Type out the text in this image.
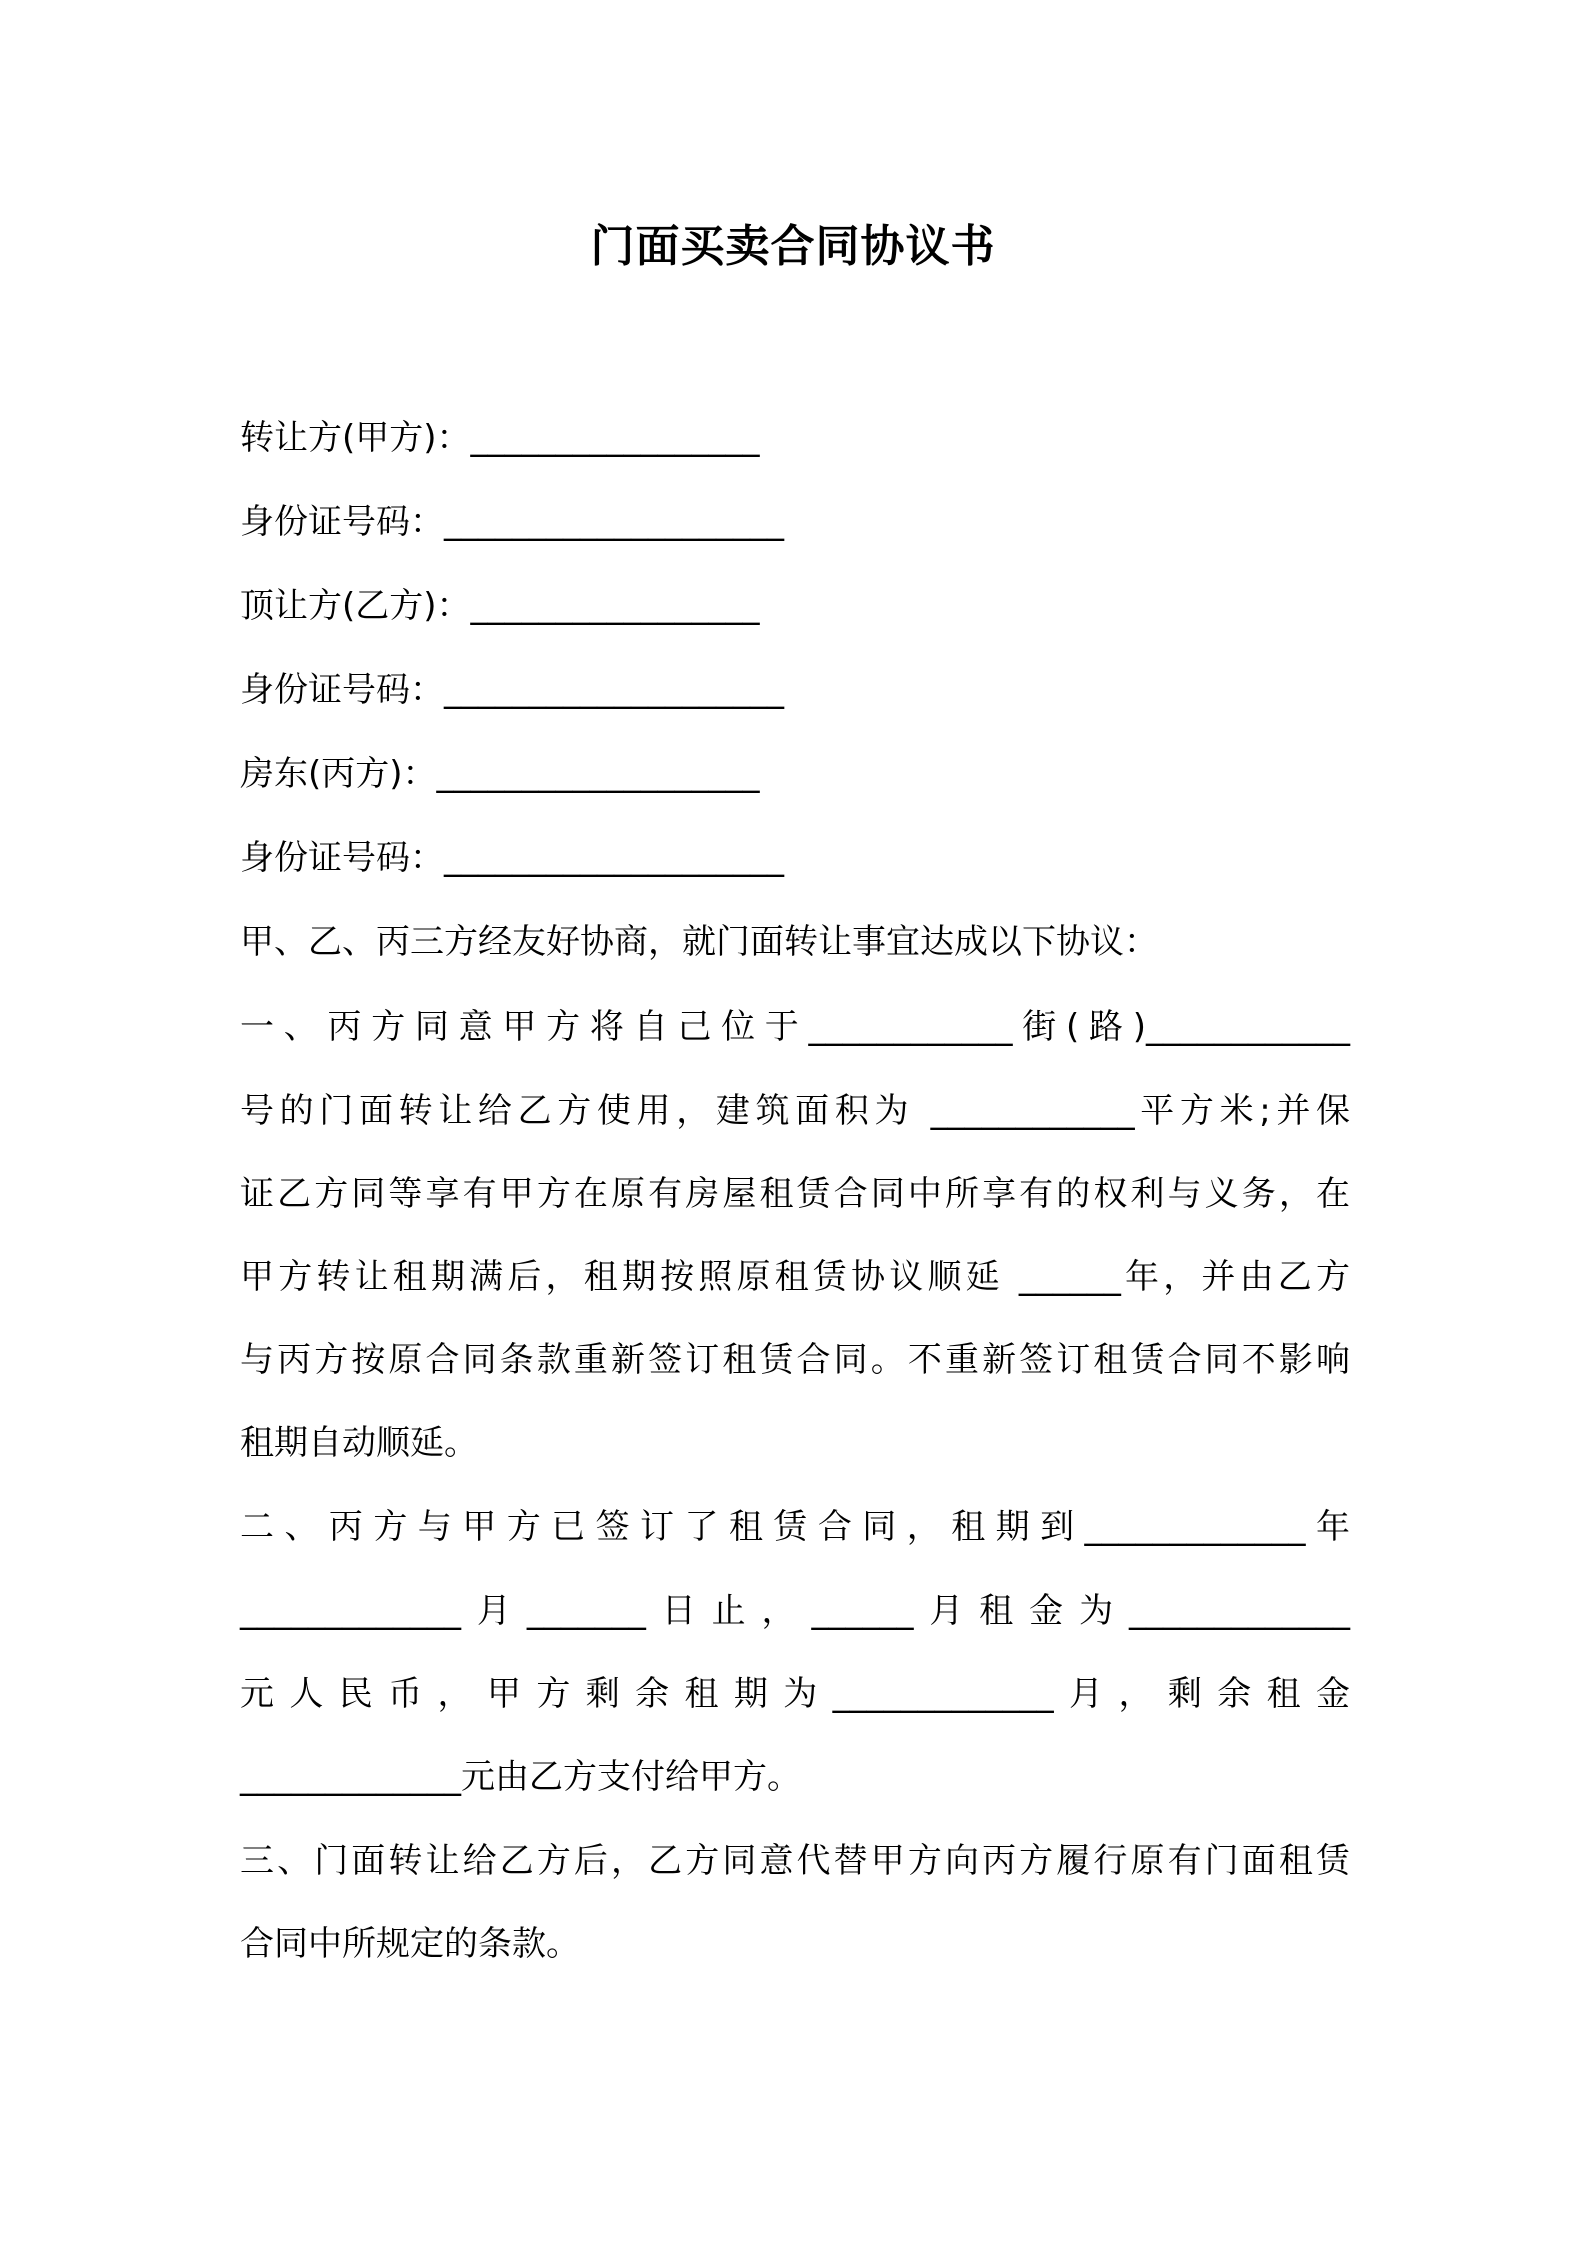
门面买卖合同协议书
转让方(甲方)：_________________
身份证号码：____________________
顶让方(乙方)：_________________
身份证号码：____________________
房东(丙方)：___________________
身份证号码：____________________
甲、乙、丙三方经友好协商，就门面转让事宜达成以下协议：
一、丙方同意甲方将自己位于____________街(路)____________
号的门面转让给乙方使用，建筑面积为 ____________平方米;并保
证乙方同等享有甲方在原有房屋租赁合同中所享有的权利与义务，在
甲方转让租期满后，租期按照原租赁协议顺延 ______年，并由乙方
与丙方按原合同条款重新签订租赁合同。不重新签订租赁合同不影响
租期自动顺延。
二、丙方与甲方已签订了租赁合同，租期到_____________年
_____________月_______日止，______月租金为_____________
元人民币，甲方剩余租期为_____________月，剩余租金
_____________元由乙方支付给甲方。
三、门面转让给乙方后，乙方同意代替甲方向丙方履行原有门面租赁
合同中所规定的条款。
